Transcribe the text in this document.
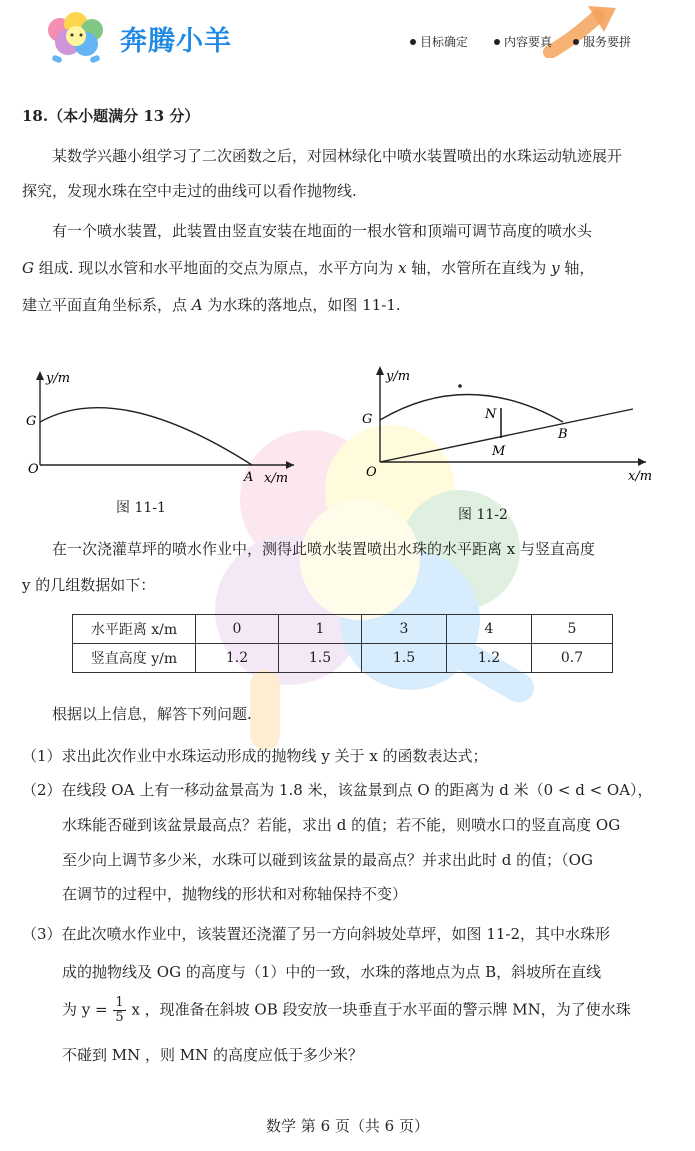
奔腾小羊	目标确定	内容要真	服务要拼
18.（本小题满分 13 分）
某数学兴趣小组学习了二次函数之后，对园林绿化中喷水装置喷出的水珠运动轨迹展开
探究，发现水珠在空中走过的曲线可以看作抛物线.
有一个喷水装置，此装置由竖直安装在地面的一根水管和顶端可调节高度的喷水头
G 组成. 现以水管和水平地面的交点为原点，水平方向为 x 轴，水管所在直线为 y 轴，
建立平面直角坐标系，点 A 为水珠的落地点，如图 11-1.
y/m
x/m
G
O
A
图 11-1
y/m
x/m
G
O
N
M
B
图 11-2
在一次浇灌草坪的喷水作业中，测得此喷水装置喷出水珠的水平距离 x 与竖直高度
y 的几组数据如下：
水平距离 x/m	0	1	3	4	5
竖直高度 y/m	1.2	1.5	1.5	1.2	0.7
根据以上信息，解答下列问题.
（1）求出此次作业中水珠运动形成的抛物线 y 关于 x 的函数表达式；
（2）在线段 OA 上有一移动盆景高为 1.8 米，该盆景到点 O 的距离为 d 米（0 < d < OA），
水珠能否碰到该盆景最高点？若能，求出 d 的值；若不能，则喷水口的竖直高度 OG
至少向上调节多少米，水珠可以碰到该盆景的最高点？并求出此时 d 的值；（OG
在调节的过程中，抛物线的形状和对称轴保持不变）
（3）在此次喷水作业中，该装置还浇灌了另一方向斜坡处草坪，如图 11-2，其中水珠形
成的抛物线及 OG 的高度与（1）中的一致，水珠的落地点为点 B，斜坡所在直线
为 $y = \frac{1}{5}$ x ，现准备在斜坡 OB 段安放一块垂直于水平面的警示牌 MN，为了使水珠
不碰到 MN ，则 MN 的高度应低于多少米？
数学 第 6 页（共 6 页）
